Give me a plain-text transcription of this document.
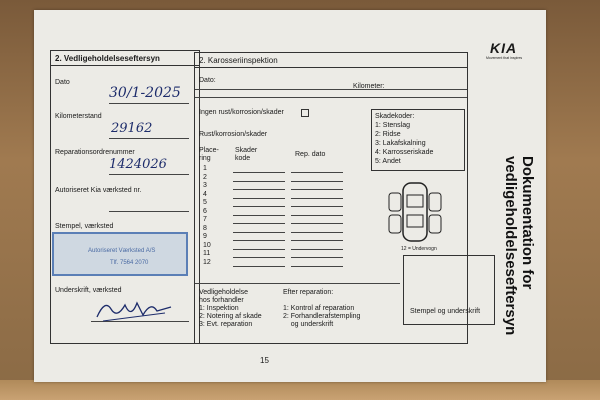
2. Vedligeholdelseseftersyn
Dato
30/1-2025
Kilometerstand
29162
Reparationsordrenummer
1424026
Autoriseret Kia værksted nr.
Stempel, værksted
Underskrift, værksted
Autoriseret Værksted A/S
Tlf. 7564 2070
2. Karosseriinspektion
Dato:
Kilometer:
Ingen rust/korrosion/skader
Rust/korrosion/skader
Place-
ring
Skader
kode
Rep. dato
1
2
3
4
5
6
7
8
9
10
11
12
Skadekoder:
1: Stenslag
2: Ridse
3: Lakafskalning
4: Karrosseriskade
5: Andet
12 = Undervogn
Vedligeholdelse
hos forhandler
1: Inspektion
2: Notering af skade
3: Evt. reparation
Efter reparation:
1: Kontrol af reparation
2: Forhandlerafstempling
og underskrift
Stempel og underskrift
KIA
Movement that inspires
Dokumentation for vedligeholdelseseftersyn
15
